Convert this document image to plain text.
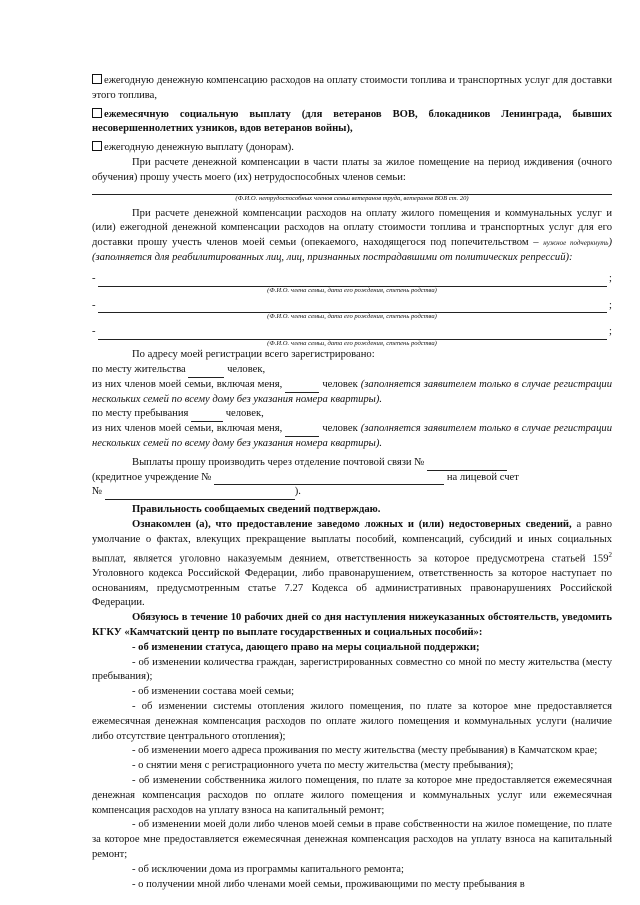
ежегодную денежную компенсацию расходов на оплату стоимости топлива и транспортных услуг для доставки этого топлива,

ежемесячную социальную выплату (для ветеранов ВОВ, блокадников Ленинграда, бывших несовершеннолетних узников, вдов ветеранов войны),

ежегодную денежную выплату (донорам).

При расчете денежной компенсации в части платы за жилое помещение на период иждивения (очного обучения) прошу учесть моего (их) нетрудоспособных членов семьи:

(Ф.И.О. нетрудоспособных членов семьи ветеранов труда, ветеранов ВОВ ст. 20)

При расчете денежной компенсации расходов на оплату жилого помещения и коммунальных услуг и (или) ежегодной денежной компенсации расходов на оплату стоимости топлива и транспортных услуг для его доставки прошу учесть членов моей семьи (опекаемого, находящегося под попечительством – нужное подчеркнуть) (заполняется для реабилитированных лиц, лиц, признанных пострадавшими от политических репрессий):

-	;
(Ф.И.О. члена семьи, дата его рождения, степень родства)
-	;
(Ф.И.О. члена семьи, дата его рождения, степень родства)
-	;
(Ф.И.О. члена семьи, дата его рождения, степень родства)

По адресу моей регистрации всего зарегистрировано:

по месту жительства	человек,

из них членов моей семьи, включая меня,	человек (заполняется заявителем только в случае регистрации нескольких семей по всему дому без указания номера квартиры).

по месту пребывания	человек,

из них членов моей семьи, включая меня,	человек (заполняется заявителем только в случае регистрации нескольких семей по всему дому без указания номера квартиры).

Выплаты прошу производить через отделение почтовой связи №

(кредитное учреждение №	на лицевой счет

№	).

Правильность сообщаемых сведений подтверждаю.

Ознакомлен (а), что предоставление заведомо ложных и (или) недостоверных сведений, а равно умолчание о фактах, влекущих прекращение выплаты пособий, компенсаций, субсидий и иных социальных выплат, является уголовно наказуемым деянием, ответственность за которое предусмотрена статьей $159^2$ Уголовного кодекса Российской Федерации, либо правонарушением, ответственность за которое наступает по основаниям, предусмотренным статье 7.27 Кодекса об административных правонарушениях Российской Федерации.

Обязуюсь в течение 10 рабочих дней со дня наступления нижеуказанных обстоятельств, уведомить КГКУ «Камчатский центр по выплате государственных и социальных пособий»:

- об изменении статуса, дающего право на меры социальной поддержки;

- об изменении количества граждан, зарегистрированных совместно со мной по месту жительства (месту пребывания);

- об изменении состава моей семьи;

- об изменении системы отопления жилого помещения, по плате за которое мне предоставляется ежемесячная денежная компенсация расходов по оплате жилого помещения и коммунальных услуги (наличие либо отсутствие центрального отопления);

- об изменении моего адреса проживания по месту жительства (месту пребывания) в Камчатском крае;

- о снятии меня с регистрационного учета по месту жительства (месту пребывания);

- об изменении собственника жилого помещения, по плате за которое мне предоставляется ежемесячная денежная компенсация расходов по оплате жилого помещения и коммунальных услуг или ежемесячная компенсация расходов на уплату взноса на капитальный ремонт;

- об изменении моей доли либо членов моей семьи в праве собственности на жилое помещение, по плате за которое мне предоставляется ежемесячная денежная компенсация расходов на уплату взноса на капитальный ремонт;

- об исключении дома из программы капитального ремонта;

- о получении мной либо членами моей семьи, проживающими по месту пребывания в
